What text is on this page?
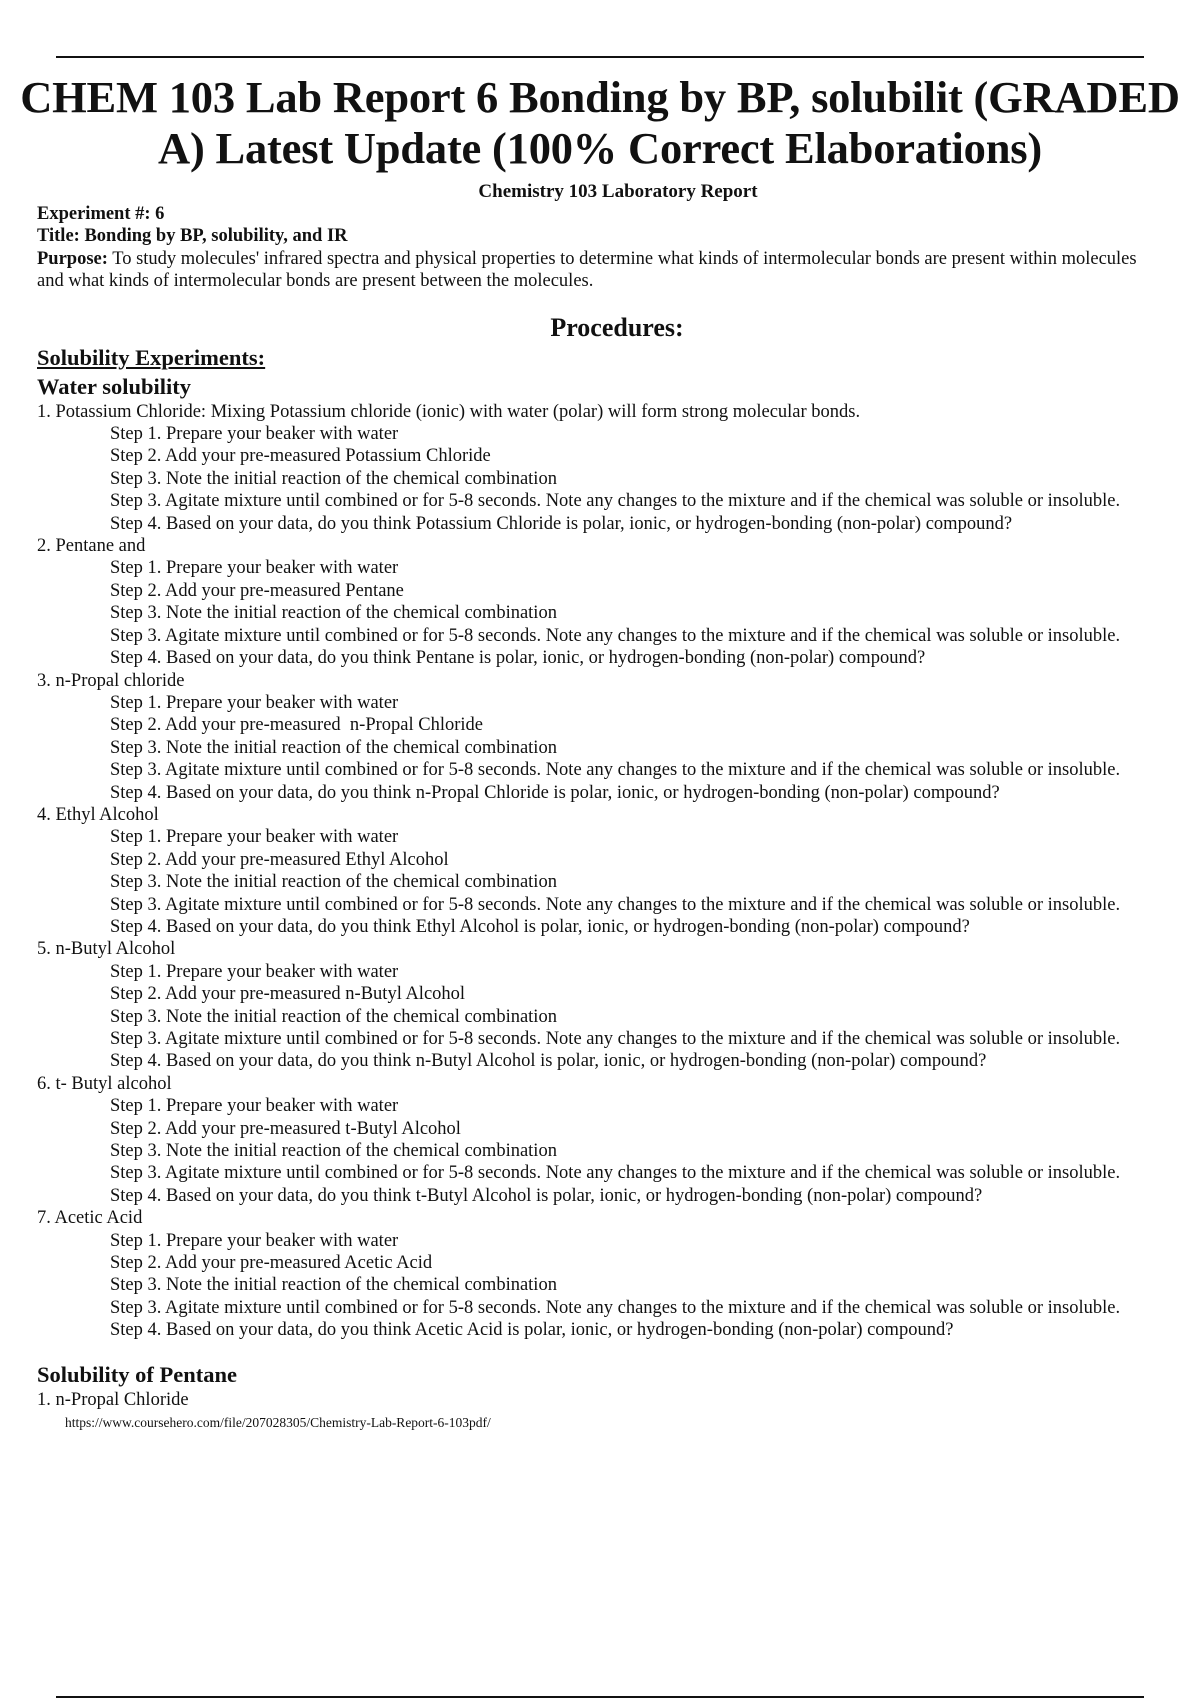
CHEM 103 Lab Report 6 Bonding by BP, solubilit (GRADED
A) Latest Update (100% Correct Elaborations)
Chemistry 103 Laboratory Report
Experiment #: 6
Title: Bonding by BP, solubility, and IR
Purpose: To study molecules' infrared spectra and physical properties to determine what kinds of intermolecular bonds are present within molecules and what kinds of intermolecular bonds are present between the molecules.
Procedures:
Solubility Experiments:
Water solubility
1. Potassium Chloride: Mixing Potassium chloride (ionic) with water (polar) will form strong molecular bonds.
Step 1. Prepare your beaker with water
Step 2. Add your pre-measured Potassium Chloride
Step 3. Note the initial reaction of the chemical combination
Step 3. Agitate mixture until combined or for 5-8 seconds. Note any changes to the mixture and if the chemical was soluble or insoluble.
Step 4. Based on your data, do you think Potassium Chloride is polar, ionic, or hydrogen-bonding (non-polar) compound?
2. Pentane and
Step 1. Prepare your beaker with water
Step 2. Add your pre-measured Pentane
Step 3. Note the initial reaction of the chemical combination
Step 3. Agitate mixture until combined or for 5-8 seconds. Note any changes to the mixture and if the chemical was soluble or insoluble.
Step 4. Based on your data, do you think Pentane is polar, ionic, or hydrogen-bonding (non-polar) compound?
3. n-Propal chloride
Step 1. Prepare your beaker with water
Step 2. Add your pre-measured  n-Propal Chloride
Step 3. Note the initial reaction of the chemical combination
Step 3. Agitate mixture until combined or for 5-8 seconds. Note any changes to the mixture and if the chemical was soluble or insoluble.
Step 4. Based on your data, do you think n-Propal Chloride is polar, ionic, or hydrogen-bonding (non-polar) compound?
4. Ethyl Alcohol
Step 1. Prepare your beaker with water
Step 2. Add your pre-measured Ethyl Alcohol
Step 3. Note the initial reaction of the chemical combination
Step 3. Agitate mixture until combined or for 5-8 seconds. Note any changes to the mixture and if the chemical was soluble or insoluble.
Step 4. Based on your data, do you think Ethyl Alcohol is polar, ionic, or hydrogen-bonding (non-polar) compound?
5. n-Butyl Alcohol
Step 1. Prepare your beaker with water
Step 2. Add your pre-measured n-Butyl Alcohol
Step 3. Note the initial reaction of the chemical combination
Step 3. Agitate mixture until combined or for 5-8 seconds. Note any changes to the mixture and if the chemical was soluble or insoluble.
Step 4. Based on your data, do you think n-Butyl Alcohol is polar, ionic, or hydrogen-bonding (non-polar) compound?
6. t- Butyl alcohol
Step 1. Prepare your beaker with water
Step 2. Add your pre-measured t-Butyl Alcohol
Step 3. Note the initial reaction of the chemical combination
Step 3. Agitate mixture until combined or for 5-8 seconds. Note any changes to the mixture and if the chemical was soluble or insoluble.
Step 4. Based on your data, do you think t-Butyl Alcohol is polar, ionic, or hydrogen-bonding (non-polar) compound?
7. Acetic Acid
Step 1. Prepare your beaker with water
Step 2. Add your pre-measured Acetic Acid
Step 3. Note the initial reaction of the chemical combination
Step 3. Agitate mixture until combined or for 5-8 seconds. Note any changes to the mixture and if the chemical was soluble or insoluble.
Step 4. Based on your data, do you think Acetic Acid is polar, ionic, or hydrogen-bonding (non-polar) compound?
Solubility of Pentane
1. n-Propal Chloride
https://www.coursehero.com/file/207028305/Chemistry-Lab-Report-6-103pdf/
